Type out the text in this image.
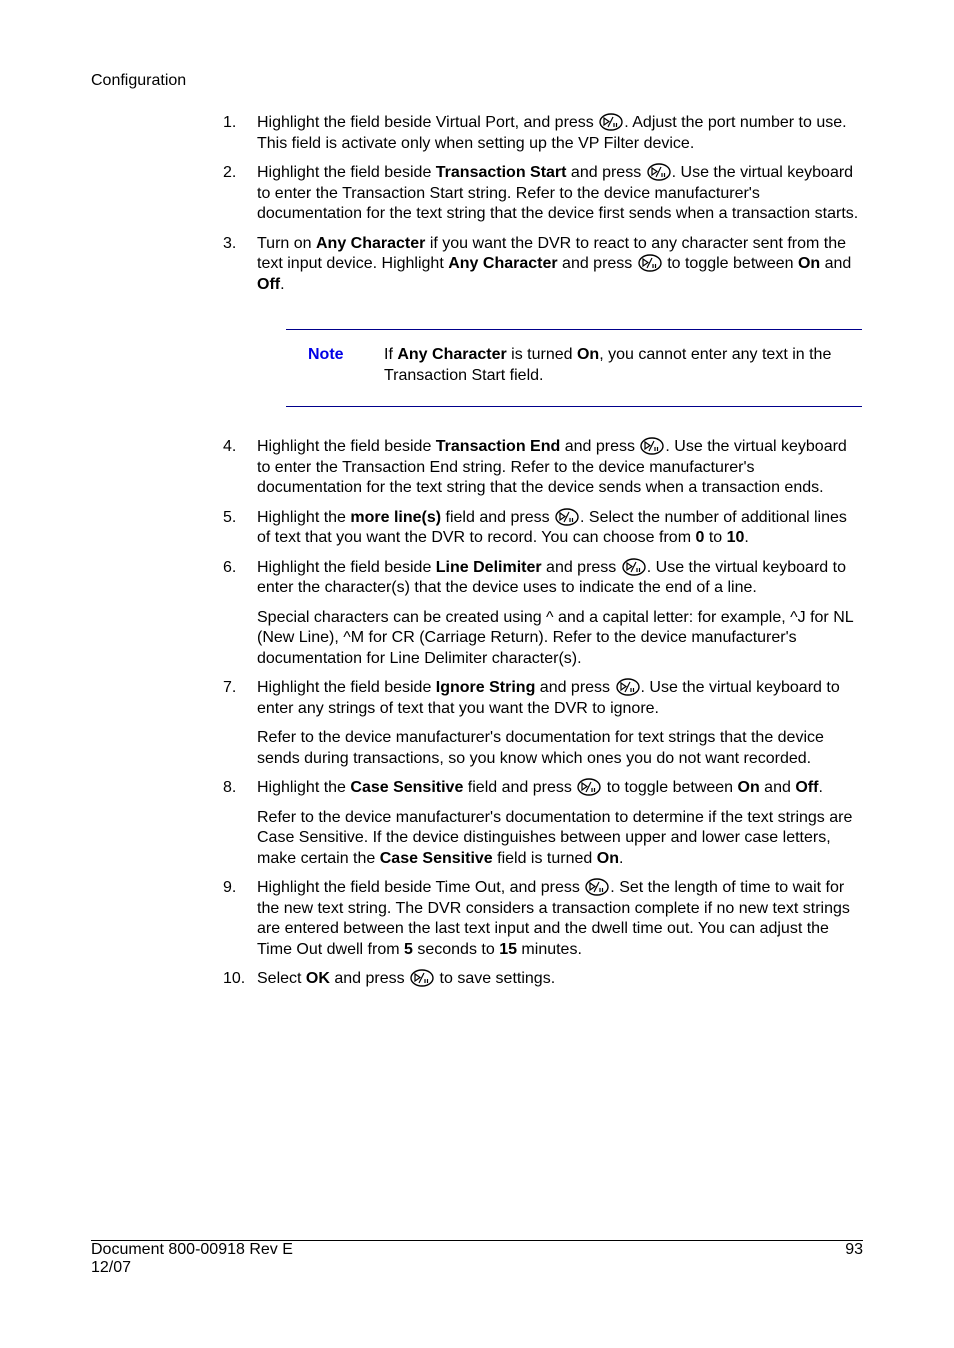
Configuration
1.	Highlight the field beside Virtual Port, and press . Adjust the port number to use. This field is activate only when setting up the VP Filter device.

2.	Highlight the field beside Transaction Start and press . Use the virtual keyboard to enter the Transaction Start string. Refer to the device manufacturer's documentation for the text string that the device first sends when a transaction starts.

3.	Turn on Any Character if you want the DVR to react to any character sent from the text input device. Highlight Any Character and press  to toggle between On and Off.

Note	If Any Character is turned On, you cannot enter any text in the Transaction Start field.
4.	Highlight the field beside Transaction End and press . Use the virtual keyboard to enter the Transaction End string. Refer to the device manufacturer's documentation for the text string that the device sends when a transaction ends.

5.	Highlight the more line(s) field and press . Select the number of additional lines of text that you want the DVR to record. You can choose from 0 to 10.

6.	Highlight the field beside Line Delimiter and press . Use the virtual keyboard to enter the character(s) that the device uses to indicate the end of a line.

Special characters can be created using ^ and a capital letter: for example, ^J for NL (New Line), ^M for CR (Carriage Return). Refer to the device manufacturer's documentation for Line Delimiter character(s).

7.	Highlight the field beside Ignore String and press . Use the virtual keyboard to enter any strings of text that you want the DVR to ignore.

Refer to the device manufacturer's documentation for text strings that the device sends during transactions, so you know which ones you do not want recorded.

8.	Highlight the Case Sensitive field and press  to toggle between On and Off.

Refer to the device manufacturer's documentation to determine if the text strings are Case Sensitive. If the device distinguishes between upper and lower case letters, make certain the Case Sensitive field is turned On.

9.	Highlight the field beside Time Out, and press . Set the length of time to wait for the new text string. The DVR considers a transaction complete if no new text strings are entered between the last text input and the dwell time out. You can adjust the Time Out dwell from 5 seconds to 15 minutes.

10. Select OK and press  to save settings.

Document 800-00918 Rev E
12/07
93
